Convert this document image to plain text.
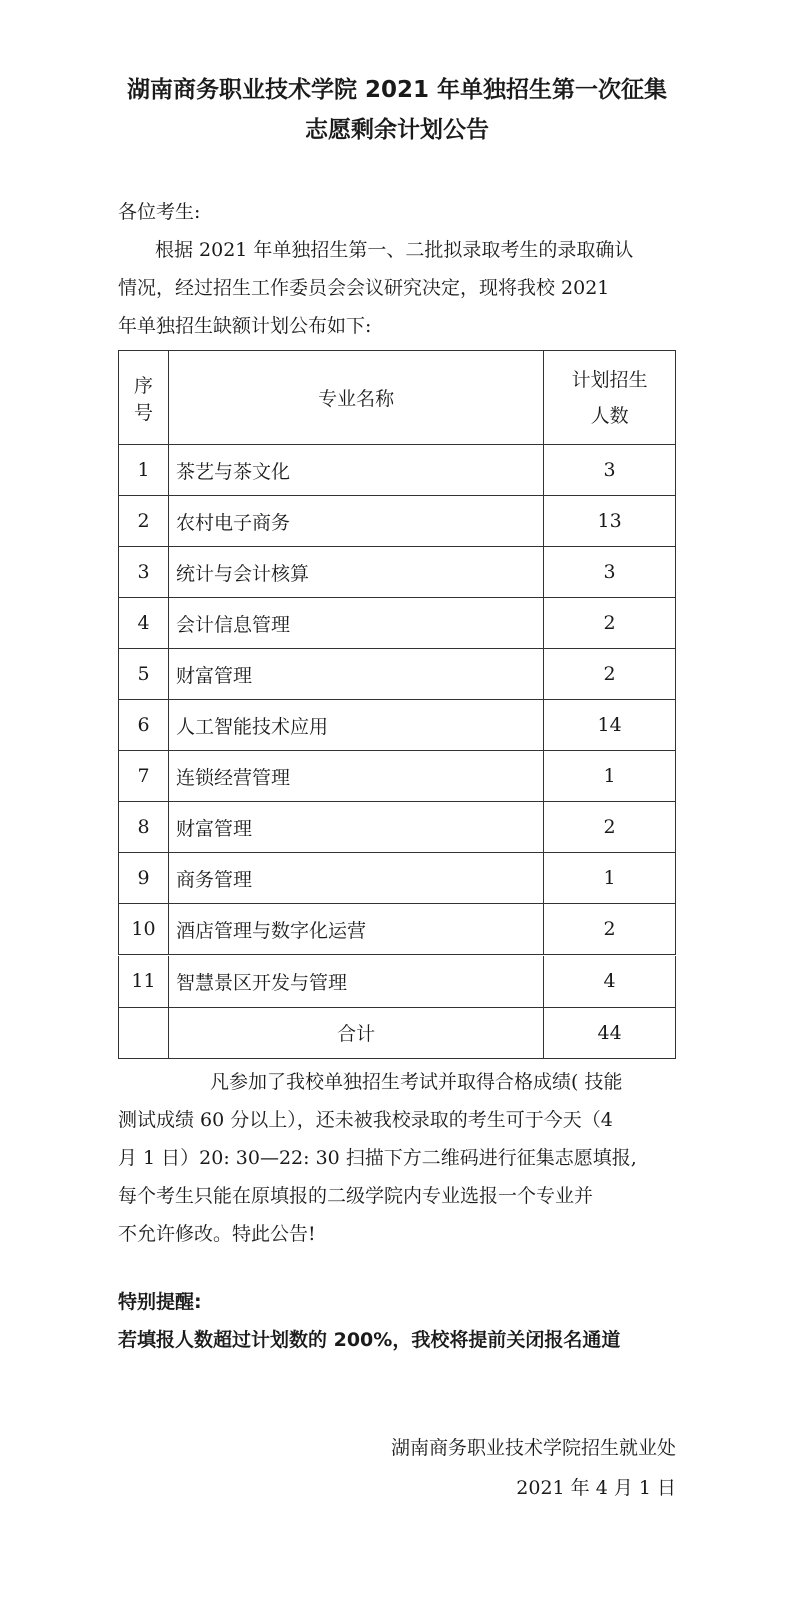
湖南商务职业技术学院 2021 年单独招生第一次征集
志愿剩余计划公告
各位考生:
根据 2021 年单独招生第一、二批拟录取考生的录取确认
情况，经过招生工作委员会会议研究决定，现将我校 2021
年单独招生缺额计划公布如下:
序号	专业名称	计划招生
人数

1	茶艺与茶文化	3
2	农村电子商务	13
3	统计与会计核算	3
4	会计信息管理	2
5	财富管理	2
6	人工智能技术应用	14
7	连锁经营管理	1
8	财富管理	2
9	商务管理	1
10	酒店管理与数字化运营	2
11	智慧景区开发与管理	4
	合计	44
凡参加了我校单独招生考试并取得合格成绩( 技能
测试成绩 60 分以上），还未被我校录取的考生可于今天（4
月 1 日）20: 30—22: 30 扫描下方二维码进行征集志愿填报,
每个考生只能在原填报的二级学院内专业选报一个专业并
不允许修改。特此公告!
特别提醒:
若填报人数超过计划数的 200%，我校将提前关闭报名通道
湖南商务职业技术学院招生就业处
2021 年 4 月 1 日
